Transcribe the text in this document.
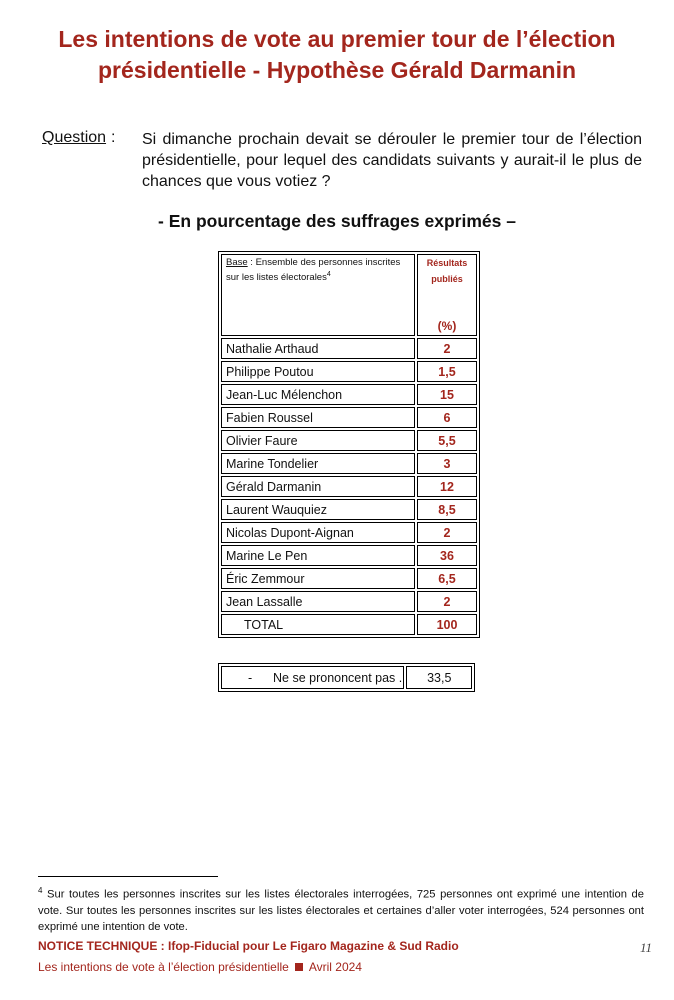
Les intentions de vote au premier tour de l’élection
présidentielle - Hypothèse Gérald Darmanin
Question : Si dimanche prochain devait se dérouler le premier tour de l’élection présidentielle, pour lequel des candidats suivants y aurait-il le plus de chances que vous votiez ?
- En pourcentage des suffrages exprimés –
Base : Ensemble des personnes inscrites sur les listes électorales$^4$	Résultats
publiés
(%)

Nathalie Arthaud	2
Philippe Poutou	1,5
Jean-Luc Mélenchon	15
Fabien Roussel	6
Olivier Faure	5,5
Marine Tondelier	3
Gérald Darmanin	12
Laurent Wauquiez	8,5
Nicolas Dupont-Aignan	2
Marine Le Pen	36
Éric Zemmour	6,5
Jean Lassalle	2
TOTAL	100
-      Ne se prononcent pas .	33,5
$^4$ Sur toutes les personnes inscrites sur les listes électorales interrogées, 725 personnes ont exprimé une intention de vote. Sur toutes les personnes inscrites sur les listes électorales et certaines d’aller voter interrogées, 524 personnes ont exprimé une intention de vote.
NOTICE TECHNIQUE : Ifop-Fiducial pour Le Figaro Magazine & Sud Radio	11
Les intentions de vote à l’élection présidentielle Avril 2024
